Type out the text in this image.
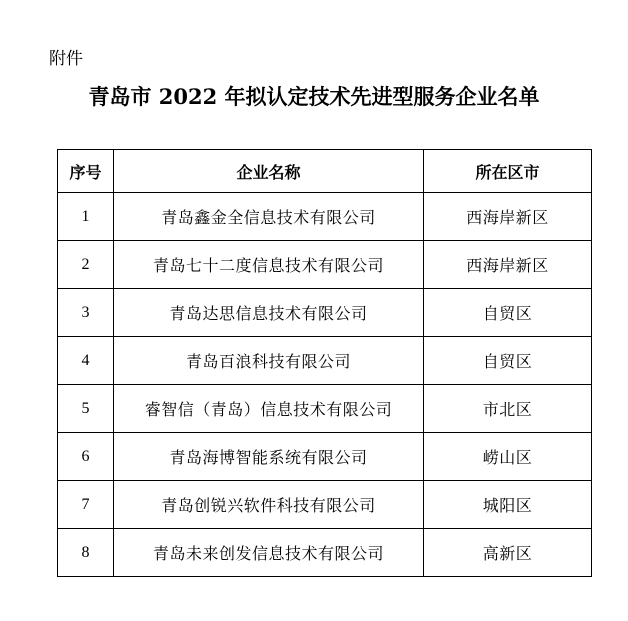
附件
青岛市 2022 年拟认定技术先进型服务企业名单
序号	企业名称	所在区市
1	青岛鑫金全信息技术有限公司	西海岸新区
2	青岛七十二度信息技术有限公司	西海岸新区
3	青岛达思信息技术有限公司	自贸区
4	青岛百浪科技有限公司	自贸区
5	睿智信（青岛）信息技术有限公司	市北区
6	青岛海博智能系统有限公司	崂山区
7	青岛创锐兴软件科技有限公司	城阳区
8	青岛未来创发信息技术有限公司	高新区
